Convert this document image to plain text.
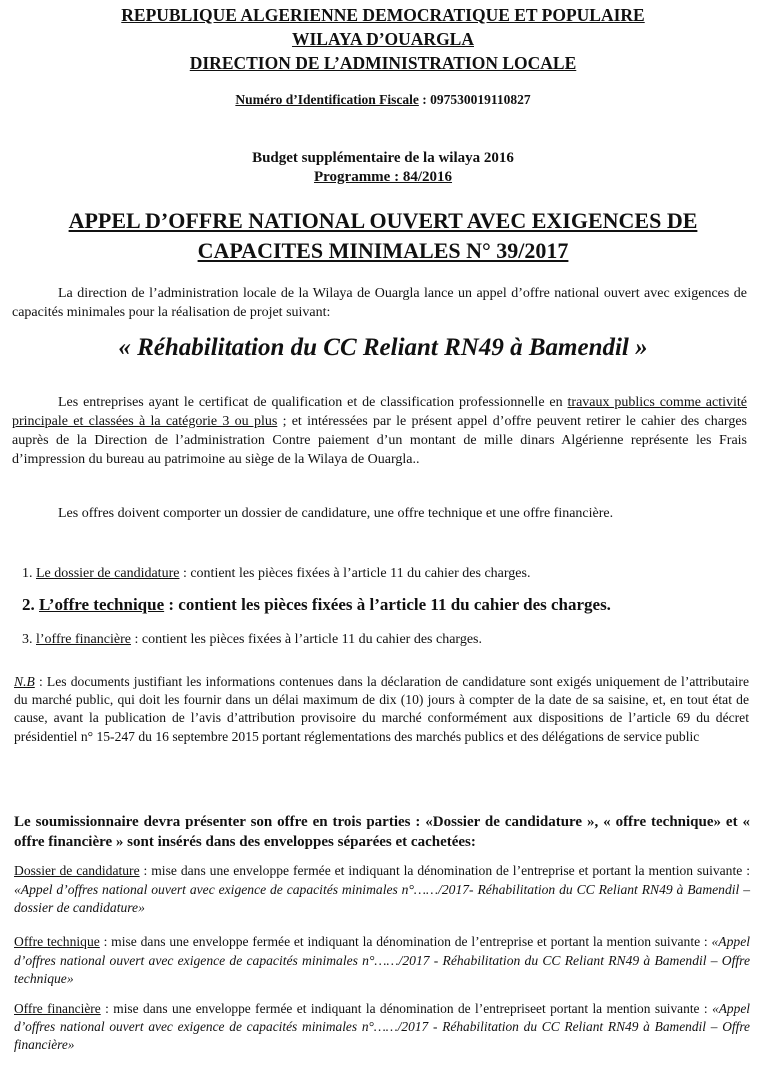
REPUBLIQUE ALGERIENNE DEMOCRATIQUE ET POPULAIRE
WILAYA D’OUARGLA
DIRECTION DE L’ADMINISTRATION LOCALE
Numéro d’Identification Fiscale : 097530019110827
Budget supplémentaire de la wilaya 2016
Programme : 84/2016
APPEL D’OFFRE NATIONAL OUVERT AVEC EXIGENCES DE
CAPACITES MINIMALES N° 39/2017
La direction de l’administration locale de la Wilaya de Ouargla lance un appel d’offre national ouvert avec exigences de capacités minimales pour la réalisation de projet suivant:
« Réhabilitation du CC Reliant RN49 à Bamendil »
Les entreprises ayant le certificat de qualification et de classification professionnelle en travaux publics comme activité principale et classées à la catégorie 3 ou plus ; et intéressées par le présent appel d’offre peuvent retirer le cahier des charges auprès de la Direction de l’administration Contre paiement d’un montant de mille dinars Algérienne représente les Frais d’impression du bureau au patrimoine au siège de la Wilaya de Ouargla..
Les offres doivent comporter un dossier de candidature, une offre technique et une offre financière.
1. Le dossier de candidature : contient les pièces fixées à l’article 11 du cahier des charges.
2. L’offre technique : contient les pièces fixées à l’article 11 du cahier des charges.
3. l’offre financière : contient les pièces fixées à l’article 11 du cahier des charges.
N.B : Les documents justifiant les informations contenues dans la déclaration de candidature sont exigés uniquement de l’attributaire du marché public, qui doit les fournir dans un délai maximum de dix (10) jours à compter de la date de sa saisine, et, en tout état de cause, avant la publication de l’avis d’attribution provisoire du marché conformément aux dispositions de l’article 69 du décret présidentiel n° 15-247 du 16 septembre 2015 portant réglementations des marchés publics et des délégations de service public
Le soumissionnaire devra présenter son offre en trois parties : «Dossier de candidature », « offre technique» et « offre financière » sont insérés dans des enveloppes séparées et cachetées:
Dossier de candidature : mise dans une enveloppe fermée et indiquant la dénomination de l’entreprise et portant la mention suivante : «Appel d’offres national ouvert avec exigence de capacités minimales n°……/2017- Réhabilitation du CC Reliant RN49 à Bamendil – dossier de candidature»
Offre technique : mise dans une enveloppe fermée et indiquant la dénomination de l’entreprise et portant la mention suivante : «Appel d’offres national ouvert avec exigence de capacités minimales n°……/2017 - Réhabilitation du CC Reliant RN49 à Bamendil – Offre technique»
Offre financière : mise dans une enveloppe fermée et indiquant la dénomination de l’entrepriseet portant la mention suivante : «Appel d’offres national ouvert avec exigence de capacités minimales n°……/2017 - Réhabilitation du CC Reliant RN49 à Bamendil – Offre financière»
